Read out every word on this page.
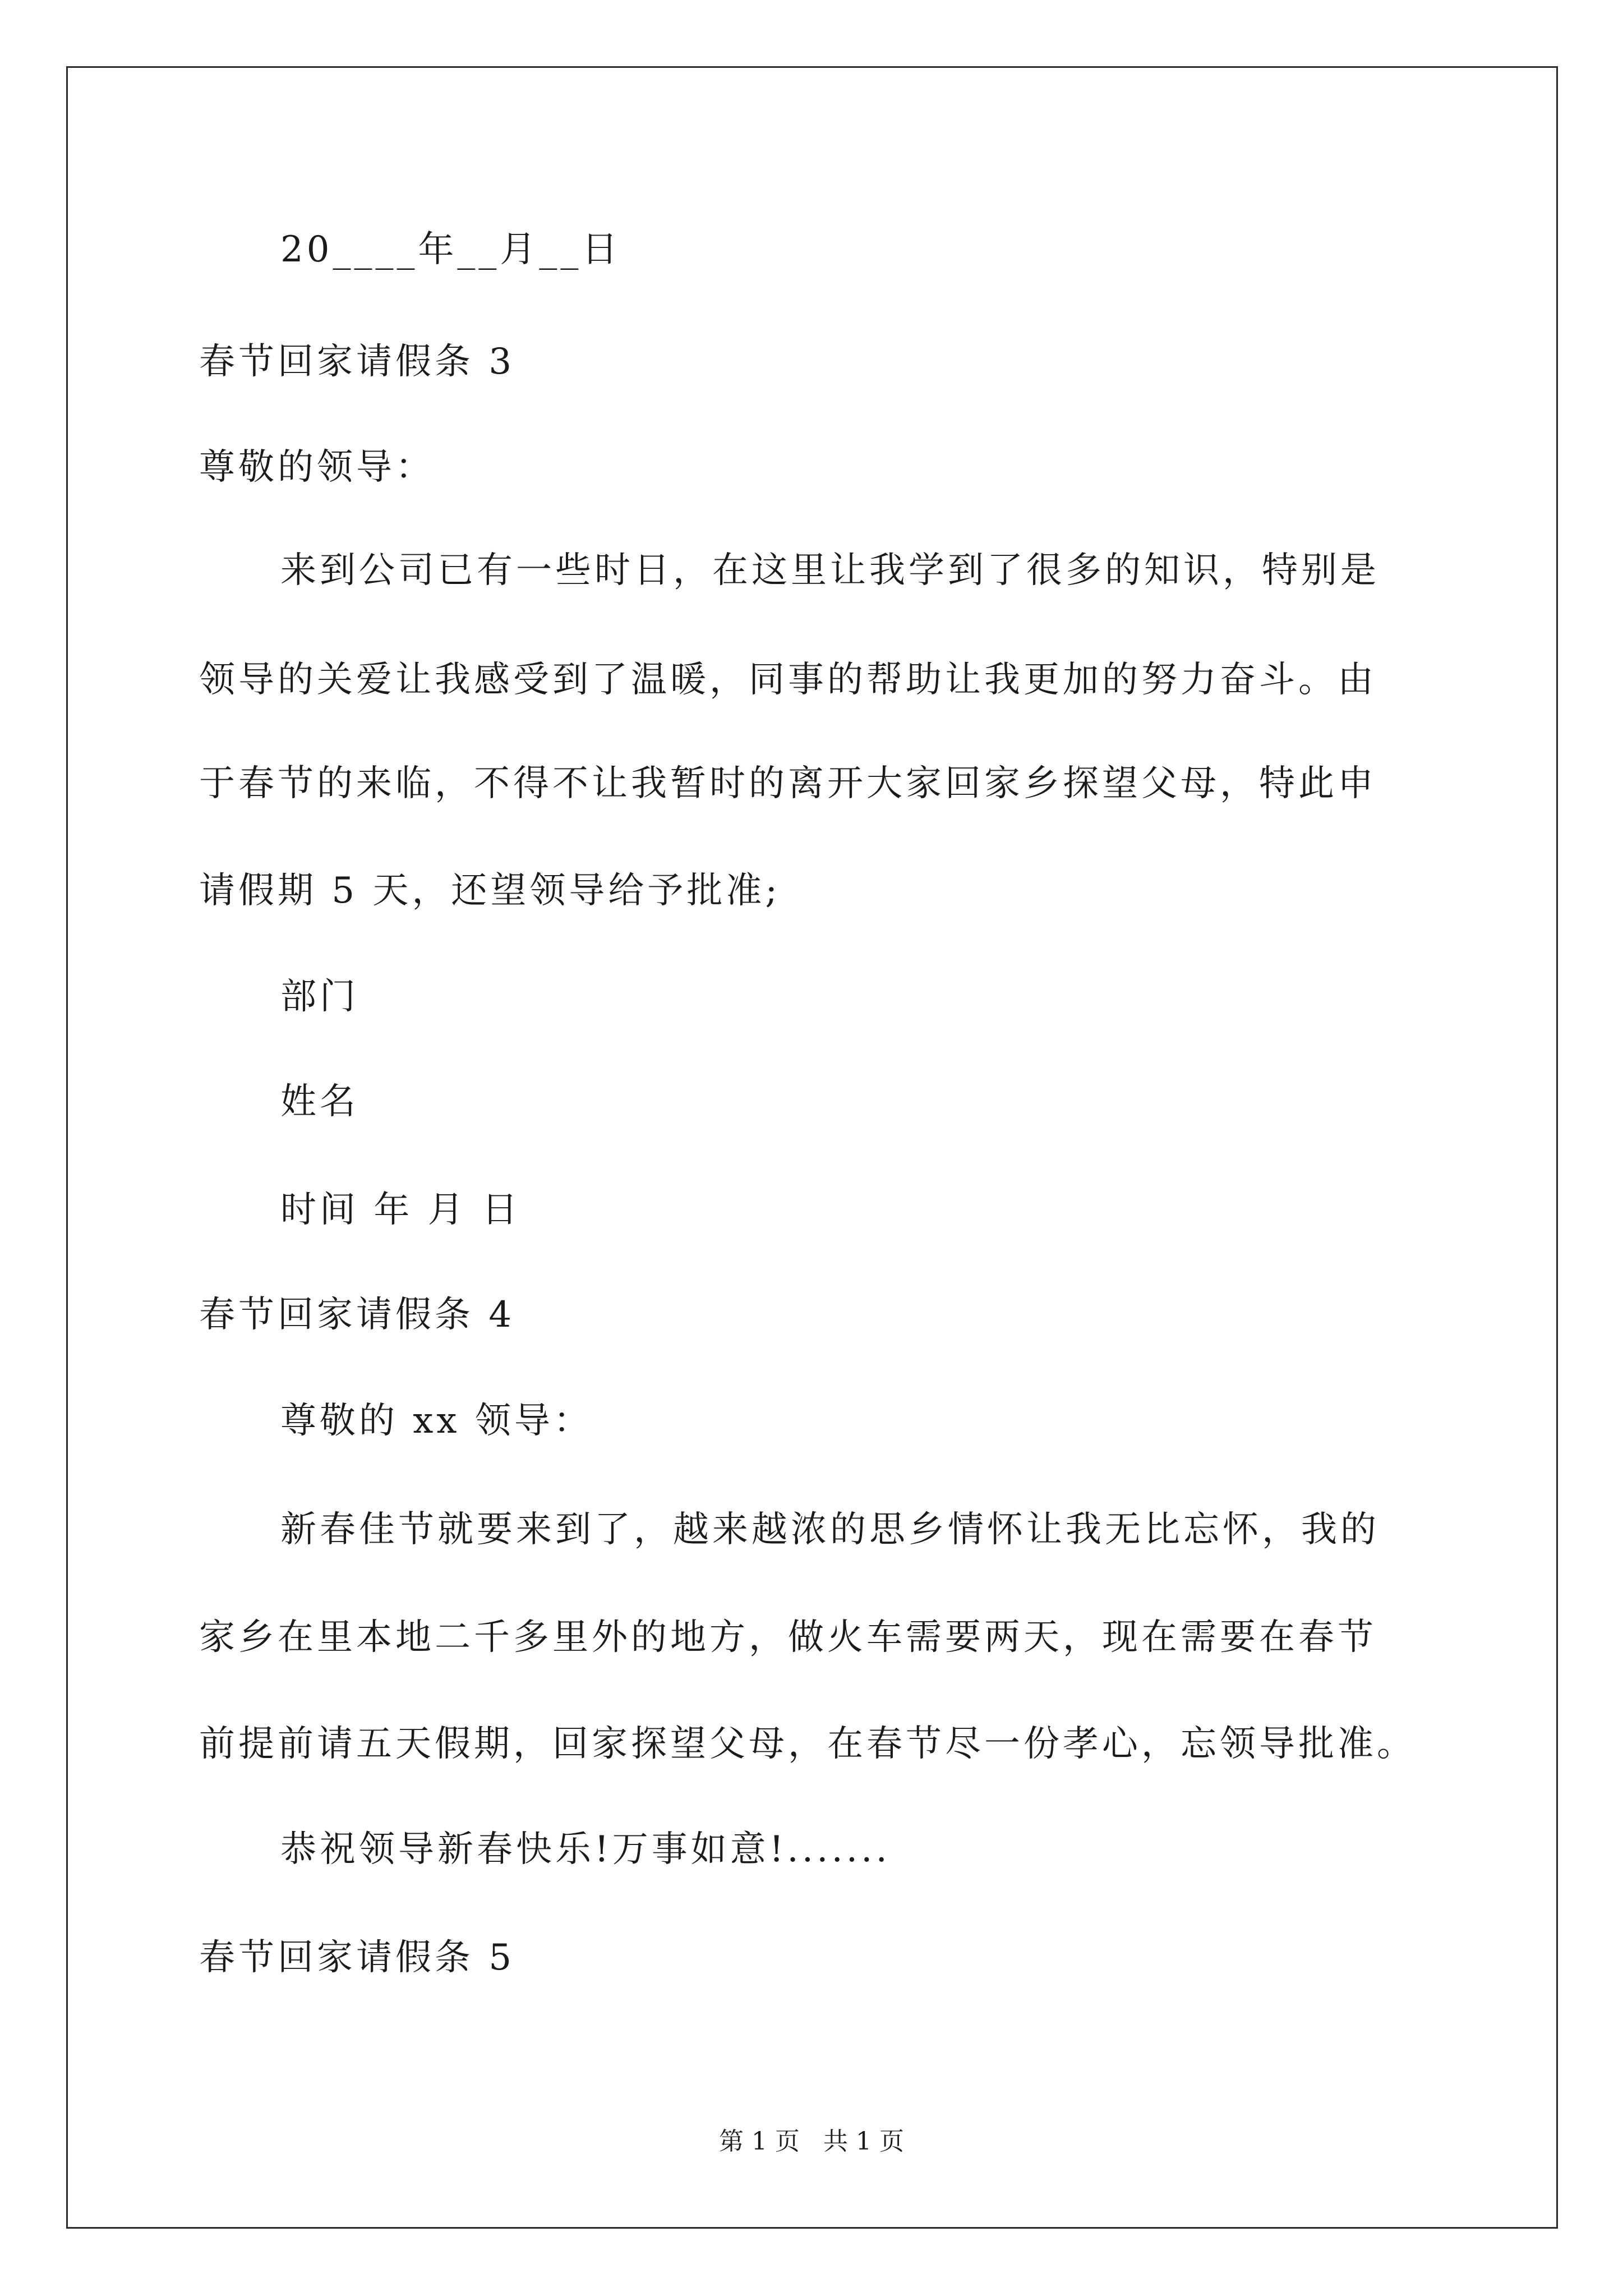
20____年__月__日
春节回家请假条 3
尊敬的领导：
来到公司已有一些时日，在这里让我学到了很多的知识，特别是
领导的关爱让我感受到了温暖，同事的帮助让我更加的努力奋斗。由
于春节的来临，不得不让我暂时的离开大家回家乡探望父母，特此申
请假期 5 天，还望领导给予批准;
部门
姓名
时间 年 月 日
春节回家请假条 4
尊敬的 xx 领导：
新春佳节就要来到了，越来越浓的思乡情怀让我无比忘怀，我的
家乡在里本地二千多里外的地方，做火车需要两天，现在需要在春节
前提前请五天假期，回家探望父母，在春节尽一份孝心，忘领导批准。
恭祝领导新春快乐!万事如意!.......
春节回家请假条 5
第 1 页   共 1 页
